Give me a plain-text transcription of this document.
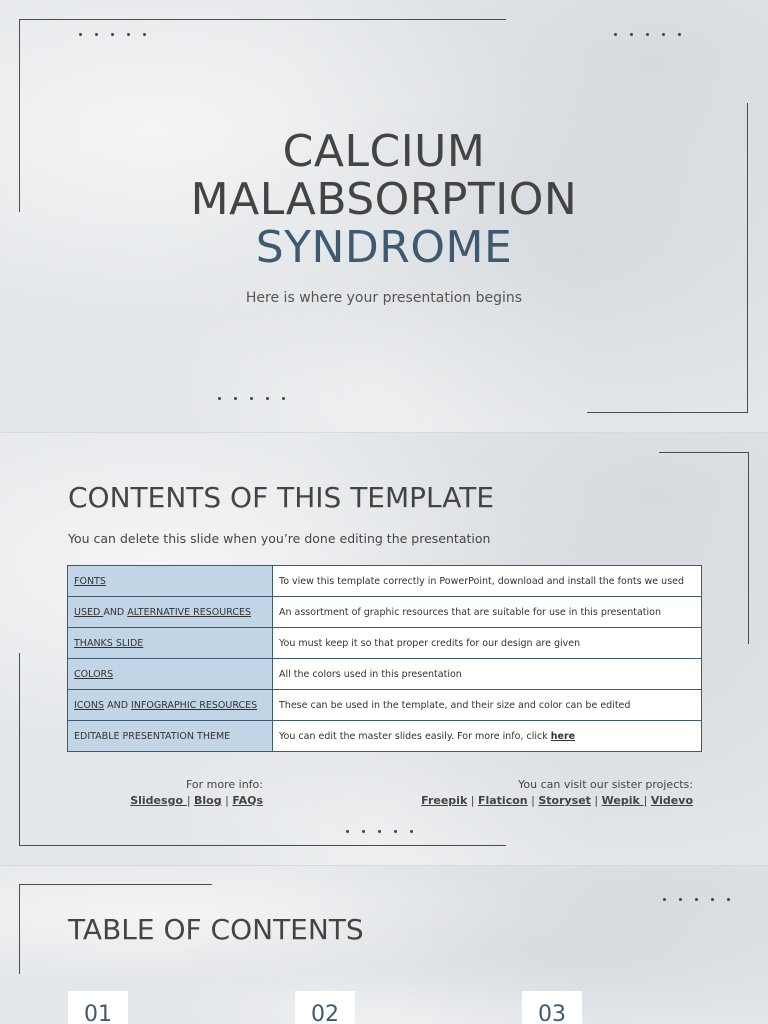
CALCIUM
MALABSORPTION
SYNDROME
Here is where your presentation begins
CONTENTS OF THIS TEMPLATE
You can delete this slide when you’re done editing the presentation
FONTS	To view this template correctly in PowerPoint, download and install the fonts we used
USED AND ALTERNATIVE RESOURCES	An assortment of graphic resources that are suitable for use in this presentation
THANKS SLIDE	You must keep it so that proper credits for our design are given
COLORS	All the colors used in this presentation
ICONS AND INFOGRAPHIC RESOURCES	These can be used in the template, and their size and color can be edited
EDITABLE PRESENTATION THEME	You can edit the master slides easily. For more info, click here
For more info:
Slidesgo | Blog | FAQs
You can visit our sister projects:
Freepik | Flaticon | Storyset | Wepik | Videvo
TABLE OF CONTENTS
01	02	03
